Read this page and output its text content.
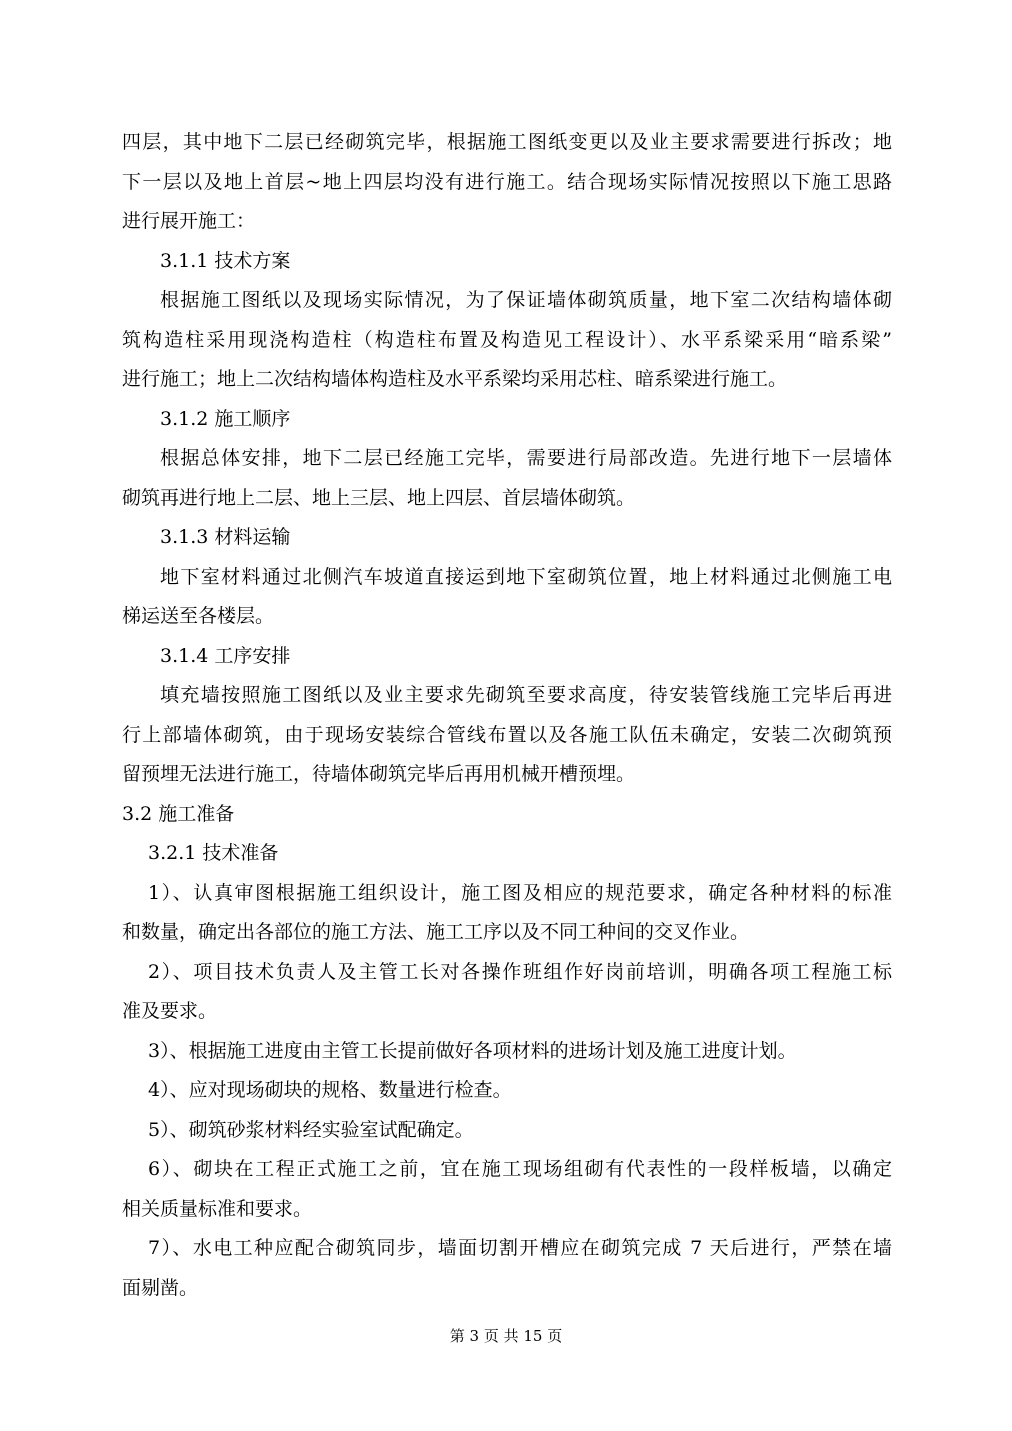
四层，其中地下二层已经砌筑完毕，根据施工图纸变更以及业主要求需要进行拆改；地
下一层以及地上首层~地上四层均没有进行施工。结合现场实际情况按照以下施工思路
进行展开施工：
3.1.1 技术方案
根据施工图纸以及现场实际情况，为了保证墙体砌筑质量，地下室二次结构墙体砌
筑构造柱采用现浇构造柱（构造柱布置及构造见工程设计）、水平系梁采用“暗系梁”
进行施工；地上二次结构墙体构造柱及水平系梁均采用芯柱、暗系梁进行施工。
3.1.2 施工顺序
根据总体安排，地下二层已经施工完毕，需要进行局部改造。先进行地下一层墙体
砌筑再进行地上二层、地上三层、地上四层、首层墙体砌筑。
3.1.3 材料运输
地下室材料通过北侧汽车坡道直接运到地下室砌筑位置，地上材料通过北侧施工电
梯运送至各楼层。
3.1.4 工序安排
填充墙按照施工图纸以及业主要求先砌筑至要求高度，待安装管线施工完毕后再进
行上部墙体砌筑，由于现场安装综合管线布置以及各施工队伍未确定，安装二次砌筑预
留预埋无法进行施工，待墙体砌筑完毕后再用机械开槽预埋。
3.2 施工准备
3.2.1 技术准备
1）、认真审图根据施工组织设计，施工图及相应的规范要求，确定各种材料的标准
和数量，确定出各部位的施工方法、施工工序以及不同工种间的交叉作业。
2）、项目技术负责人及主管工长对各操作班组作好岗前培训，明确各项工程施工标
准及要求。
3）、根据施工进度由主管工长提前做好各项材料的进场计划及施工进度计划。
4）、应对现场砌块的规格、数量进行检查。
5）、砌筑砂浆材料经实验室试配确定。
6）、砌块在工程正式施工之前，宜在施工现场组砌有代表性的一段样板墙，以确定
相关质量标准和要求。
7）、水电工种应配合砌筑同步，墙面切割开槽应在砌筑完成 7 天后进行，严禁在墙
面剔凿。
第 3 页 共 15 页
